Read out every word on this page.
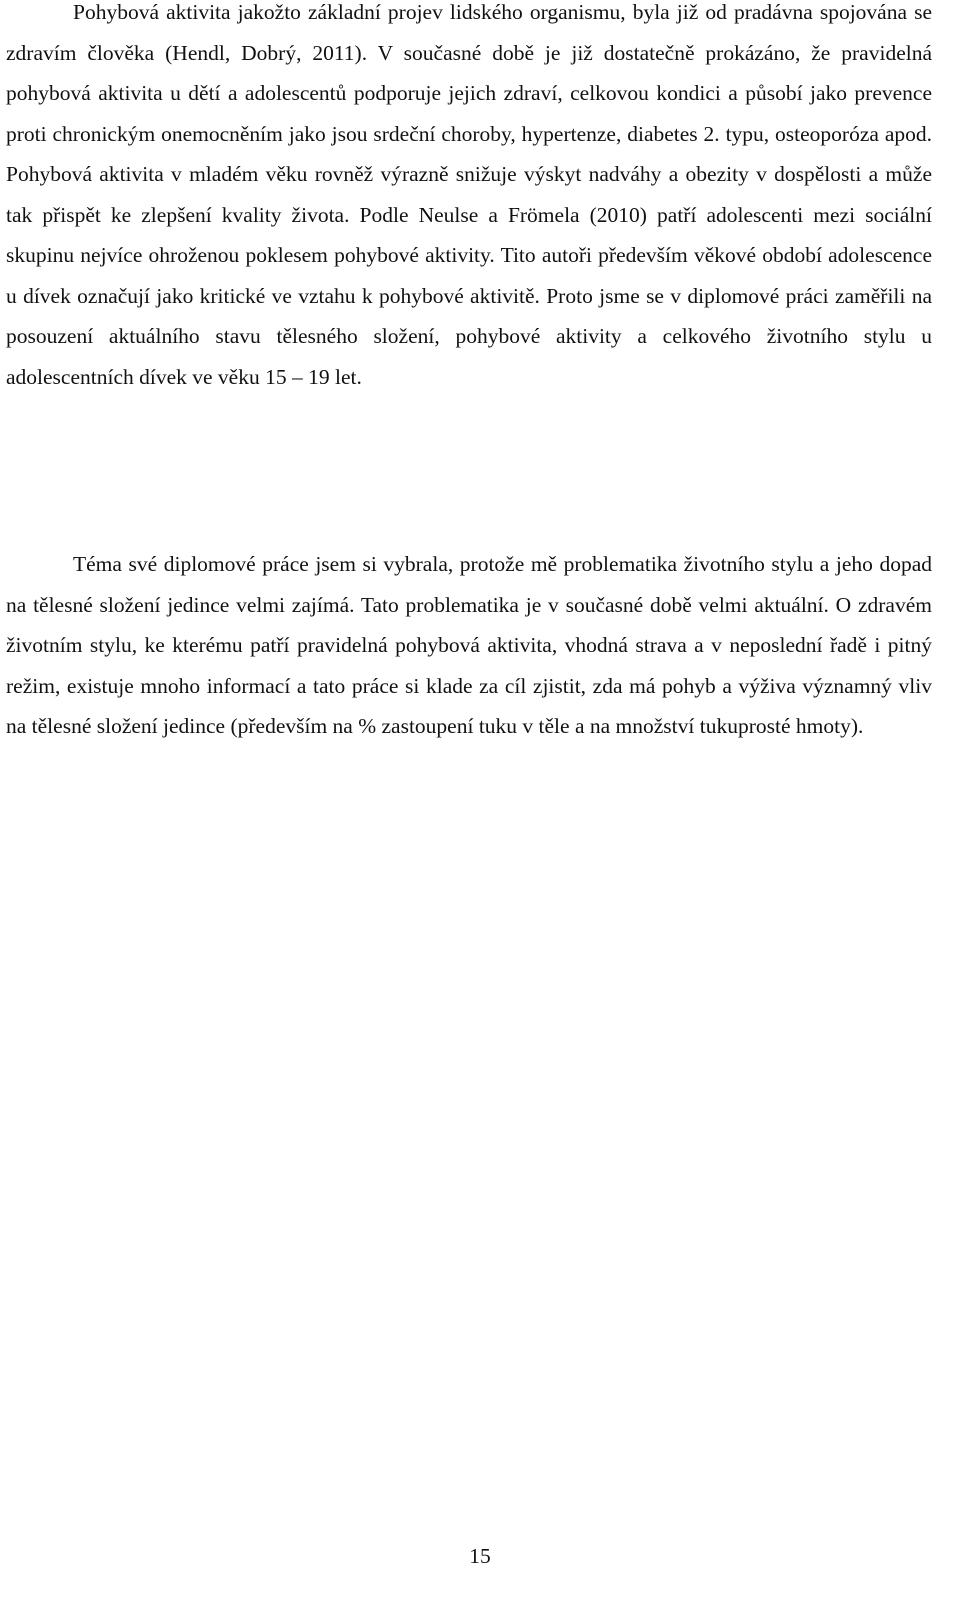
Pohybová aktivita jakožto základní projev lidského organismu, byla již od pradávna spojována se zdravím člověka (Hendl, Dobrý, 2011). V současné době je již dostatečně prokázáno, že pravidelná pohybová aktivita u dětí a adolescentů podporuje jejich zdraví, celkovou kondici a působí jako prevence proti chronickým onemocněním jako jsou srdeční choroby, hypertenze, diabetes 2. typu, osteoporóza apod. Pohybová aktivita v mladém věku rovněž výrazně snižuje výskyt nadváhy a obezity v dospělosti a může tak přispět ke zlepšení kvality života. Podle Neulse a Frömela (2010) patří adolescenti mezi sociální skupinu nejvíce ohroženou poklesem pohybové aktivity. Tito autoři především věkové období adolescence u dívek označují jako kritické ve vztahu k pohybové aktivitě. Proto jsme se v diplomové práci zaměřili na posouzení aktuálního stavu tělesného složení, pohybové aktivity a celkového životního stylu u adolescentních dívek ve věku 15 – 19 let.

Téma své diplomové práce jsem si vybrala, protože mě problematika životního stylu a jeho dopad na tělesné složení jedince velmi zajímá. Tato problematika je v současné době velmi aktuální. O zdravém životním stylu, ke kterému patří pravidelná pohybová aktivita, vhodná strava a v neposlední řadě i pitný režim, existuje mnoho informací a tato práce si klade za cíl zjistit, zda má pohyb a výživa významný vliv na tělesné složení jedince (především na % zastoupení tuku v těle a na množství tukuprosté hmoty).

15
